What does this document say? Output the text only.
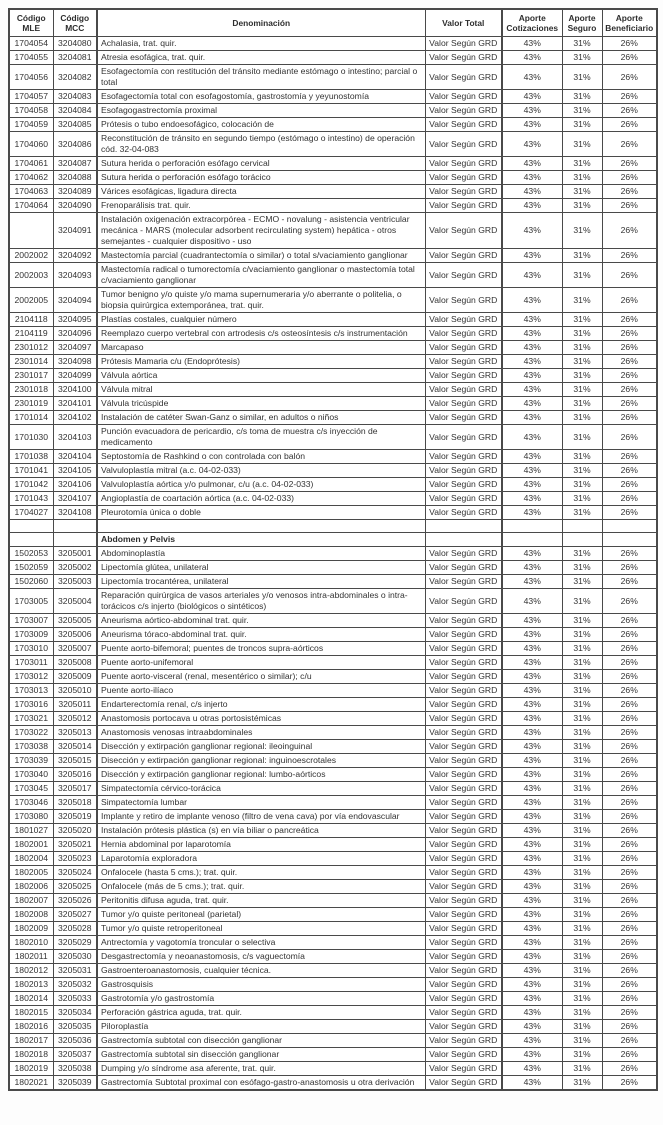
Código MLE	Código MCC	Denominación	Valor Total	Aporte Cotizaciones	Aporte Seguro	Aporte Beneficiario
1704054	3204080	Achalasia, trat. quir.	Valor Según GRD	43%	31%	26%
1704055	3204081	Atresia esofágica, trat. quir.	Valor Según GRD	43%	31%	26%
1704056	3204082	Esofagectomía con restitución del tránsito mediante estómago o intestino; parcial o total	Valor Según GRD	43%	31%	26%
1704057	3204083	Esofagectomía total con esofagostomía, gastrostomía y yeyunostomía	Valor Según GRD	43%	31%	26%
1704058	3204084	Esofagogastrectomía proximal	Valor Según GRD	43%	31%	26%
1704059	3204085	Prótesis o tubo endoesofágico, colocación de	Valor Según GRD	43%	31%	26%
1704060	3204086	Reconstitución de tránsito en segundo tiempo (estómago o intestino) de operación cód. 32-04-083	Valor Según GRD	43%	31%	26%
1704061	3204087	Sutura herida o perforación esófago cervical	Valor Según GRD	43%	31%	26%
1704062	3204088	Sutura herida o perforación esófago torácico	Valor Según GRD	43%	31%	26%
1704063	3204089	Várices esofágicas, ligadura directa	Valor Según GRD	43%	31%	26%
1704064	3204090	Frenoparálisis trat. quir.	Valor Según GRD	43%	31%	26%
	3204091	Instalación oxigenación extracorpórea - ECMO - novalung - asistencia ventricular mecánica - MARS (molecular adsorbent recirculating system) hepática - otros semejantes - cualquier dispositivo - uso	Valor Según GRD	43%	31%	26%
2002002	3204092	Mastectomía parcial (cuadrantectomía o similar) o total s/vaciamiento ganglionar	Valor Según GRD	43%	31%	26%
2002003	3204093	Mastectomía radical o tumorectomía c/vaciamiento ganglionar o mastectomía total c/vaciamiento ganglionar	Valor Según GRD	43%	31%	26%
2002005	3204094	Tumor benigno y/o quiste y/o mama supernumeraria y/o aberrante o politelia, o biopsia quirúrgica extemporánea, trat. quir.	Valor Según GRD	43%	31%	26%
2104118	3204095	Plastías costales, cualquier número	Valor Según GRD	43%	31%	26%
2104119	3204096	Reemplazo cuerpo vertebral con artrodesis c/s osteosíntesis c/s instrumentación	Valor Según GRD	43%	31%	26%
2301012	3204097	Marcapaso	Valor Según GRD	43%	31%	26%
2301014	3204098	Prótesis Mamaria c/u (Endoprótesis)	Valor Según GRD	43%	31%	26%
2301017	3204099	Válvula aórtica	Valor Según GRD	43%	31%	26%
2301018	3204100	Válvula mitral	Valor Según GRD	43%	31%	26%
2301019	3204101	Válvula tricúspide	Valor Según GRD	43%	31%	26%
1701014	3204102	Instalación de catéter Swan-Ganz o similar, en adultos o niños	Valor Según GRD	43%	31%	26%
1701030	3204103	Punción evacuadora de pericardio, c/s toma de muestra c/s inyección de medicamento	Valor Según GRD	43%	31%	26%
1701038	3204104	Septostomía de Rashkind o con controlada con balón	Valor Según GRD	43%	31%	26%
1701041	3204105	Valvuloplastía mitral (a.c. 04-02-033)	Valor Según GRD	43%	31%	26%
1701042	3204106	Valvuloplastía aórtica y/o pulmonar, c/u (a.c. 04-02-033)	Valor Según GRD	43%	31%	26%
1701043	3204107	Angioplastía de coartación aórtica (a.c. 04-02-033)	Valor Según GRD	43%	31%	26%
1704027	3204108	Pleurotomía única o doble	Valor Según GRD	43%	31%	26%

		Abdomen y Pelvis				
1502053	3205001	Abdominoplastía	Valor Según GRD	43%	31%	26%
1502059	3205002	Lipectomía glútea, unilateral	Valor Según GRD	43%	31%	26%
1502060	3205003	Lipectomía trocantérea, unilateral	Valor Según GRD	43%	31%	26%
1703005	3205004	Reparación quirúrgica de vasos arteriales y/o venosos intra-abdominales o intra-torácicos c/s injerto (biológicos o sintéticos)	Valor Según GRD	43%	31%	26%
1703007	3205005	Aneurisma aórtico-abdominal trat. quir.	Valor Según GRD	43%	31%	26%
1703009	3205006	Aneurisma tóraco-abdominal trat. quir.	Valor Según GRD	43%	31%	26%
1703010	3205007	Puente aorto-bifemoral; puentes de troncos supra-aórticos	Valor Según GRD	43%	31%	26%
1703011	3205008	Puente aorto-unifemoral	Valor Según GRD	43%	31%	26%
1703012	3205009	Puente aorto-visceral (renal, mesentérico o similar); c/u	Valor Según GRD	43%	31%	26%
1703013	3205010	Puente aorto-ilíaco	Valor Según GRD	43%	31%	26%
1703016	3205011	Endarterectomía renal, c/s injerto	Valor Según GRD	43%	31%	26%
1703021	3205012	Anastomosis portocava u otras portosistémicas	Valor Según GRD	43%	31%	26%
1703022	3205013	Anastomosis venosas intraabdominales	Valor Según GRD	43%	31%	26%
1703038	3205014	Disección y extirpación ganglionar regional: ileoinguinal	Valor Según GRD	43%	31%	26%
1703039	3205015	Disección y extirpación ganglionar regional: inguinoescrotales	Valor Según GRD	43%	31%	26%
1703040	3205016	Disección y extirpación ganglionar regional: lumbo-aórticos	Valor Según GRD	43%	31%	26%
1703045	3205017	Simpatectomía cérvico-torácica	Valor Según GRD	43%	31%	26%
1703046	3205018	Simpatectomía lumbar	Valor Según GRD	43%	31%	26%
1703080	3205019	Implante y retiro de implante venoso (filtro de vena cava) por vía endovascular	Valor Según GRD	43%	31%	26%
1801027	3205020	Instalación prótesis plástica (s) en vía biliar o pancreática	Valor Según GRD	43%	31%	26%
1802001	3205021	Hernia abdominal por laparotomía	Valor Según GRD	43%	31%	26%
1802004	3205023	Laparotomía exploradora	Valor Según GRD	43%	31%	26%
1802005	3205024	Onfalocele (hasta 5 cms.); trat. quir.	Valor Según GRD	43%	31%	26%
1802006	3205025	Onfalocele (más de 5 cms.); trat. quir.	Valor Según GRD	43%	31%	26%
1802007	3205026	Peritonitis difusa aguda, trat. quir.	Valor Según GRD	43%	31%	26%
1802008	3205027	Tumor y/o quiste peritoneal (parietal)	Valor Según GRD	43%	31%	26%
1802009	3205028	Tumor y/o quiste retroperitoneal	Valor Según GRD	43%	31%	26%
1802010	3205029	Antrectomía y vagotomía troncular o selectiva	Valor Según GRD	43%	31%	26%
1802011	3205030	Desgastrectomía y neoanastomosis, c/s vaguectomía	Valor Según GRD	43%	31%	26%
1802012	3205031	Gastroenteroanastomosis, cualquier técnica.	Valor Según GRD	43%	31%	26%
1802013	3205032	Gastrosquisis	Valor Según GRD	43%	31%	26%
1802014	3205033	Gastrotomía y/o gastrostomía	Valor Según GRD	43%	31%	26%
1802015	3205034	Perforación gástrica aguda, trat. quir.	Valor Según GRD	43%	31%	26%
1802016	3205035	Piloroplastía	Valor Según GRD	43%	31%	26%
1802017	3205036	Gastrectomía subtotal con disección ganglionar	Valor Según GRD	43%	31%	26%
1802018	3205037	Gastrectomía subtotal sin disección ganglionar	Valor Según GRD	43%	31%	26%
1802019	3205038	Dumping y/o síndrome asa aferente, trat. quir.	Valor Según GRD	43%	31%	26%
1802021	3205039	Gastrectomía Subtotal proximal con esófago-gastro-anastomosis u otra derivación	Valor Según GRD	43%	31%	26%
